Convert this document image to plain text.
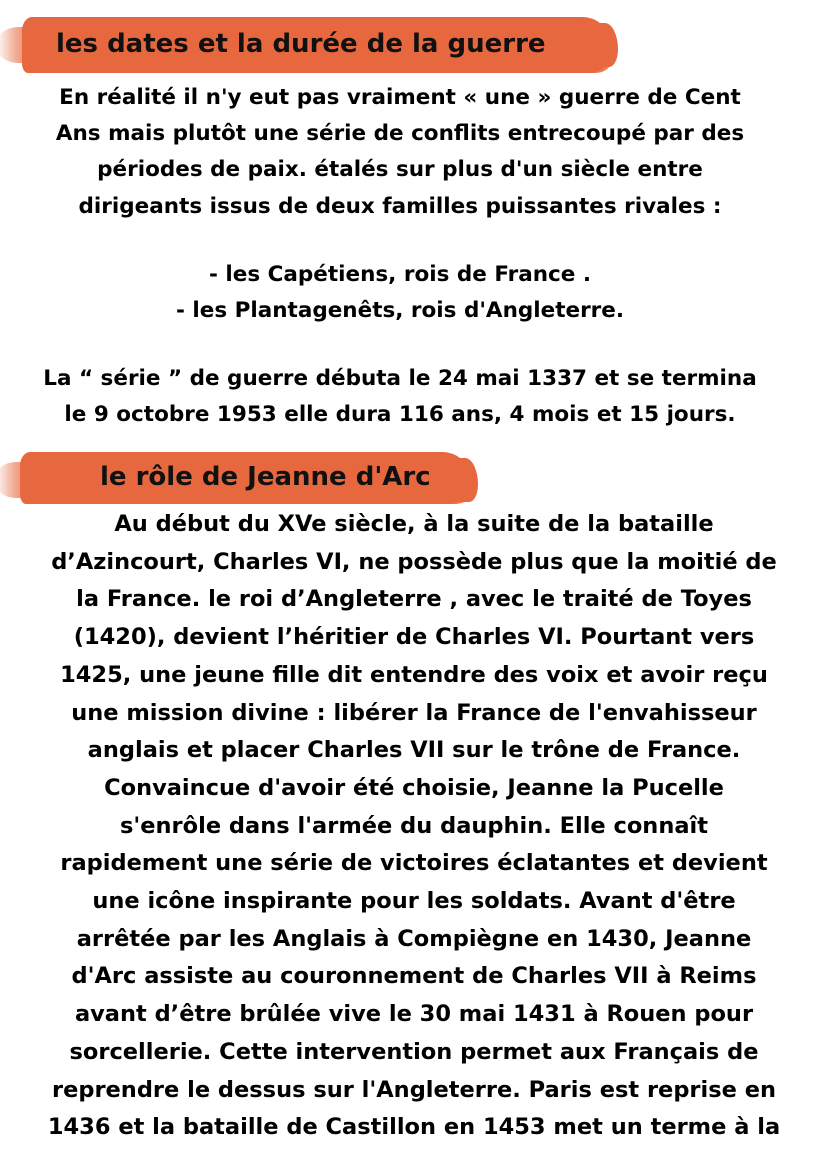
les dates et la durée de la guerre
En réalité il n'y eut pas vraiment « une » guerre de Cent
Ans mais plutôt une série de conflits entrecoupé par des
périodes de paix. étalés sur plus d'un siècle entre
dirigeants issus de deux familles puissantes rivales :
- les Capétiens, rois de France .
- les Plantagenêts, rois d'Angleterre.
La “ série ” de guerre débuta le 24 mai 1337 et se termina
le 9 octobre 1953 elle dura 116 ans, 4 mois et 15 jours.
le rôle de Jeanne d'Arc
Au début du XVe siècle, à la suite de la bataille
d’Azincourt, Charles VI, ne possède plus que la moitié de
la France. le roi d’Angleterre , avec le traité de Toyes
(1420), devient l’héritier de Charles VI. Pourtant vers
1425, une jeune fille dit entendre des voix et avoir reçu
une mission divine : libérer la France de l'envahisseur
anglais et placer Charles VII sur le trône de France.
Convaincue d'avoir été choisie, Jeanne la Pucelle
s'enrôle dans l'armée du dauphin. Elle connaît
rapidement une série de victoires éclatantes et devient
une icône inspirante pour les soldats. Avant d'être
arrêtée par les Anglais à Compiègne en 1430, Jeanne
d'Arc assiste au couronnement de Charles VII à Reims
avant d’être brûlée vive le 30 mai 1431 à Rouen pour
sorcellerie. Cette intervention permet aux Français de
reprendre le dessus sur l'Angleterre. Paris est reprise en
1436 et la bataille de Castillon en 1453 met un terme à la
